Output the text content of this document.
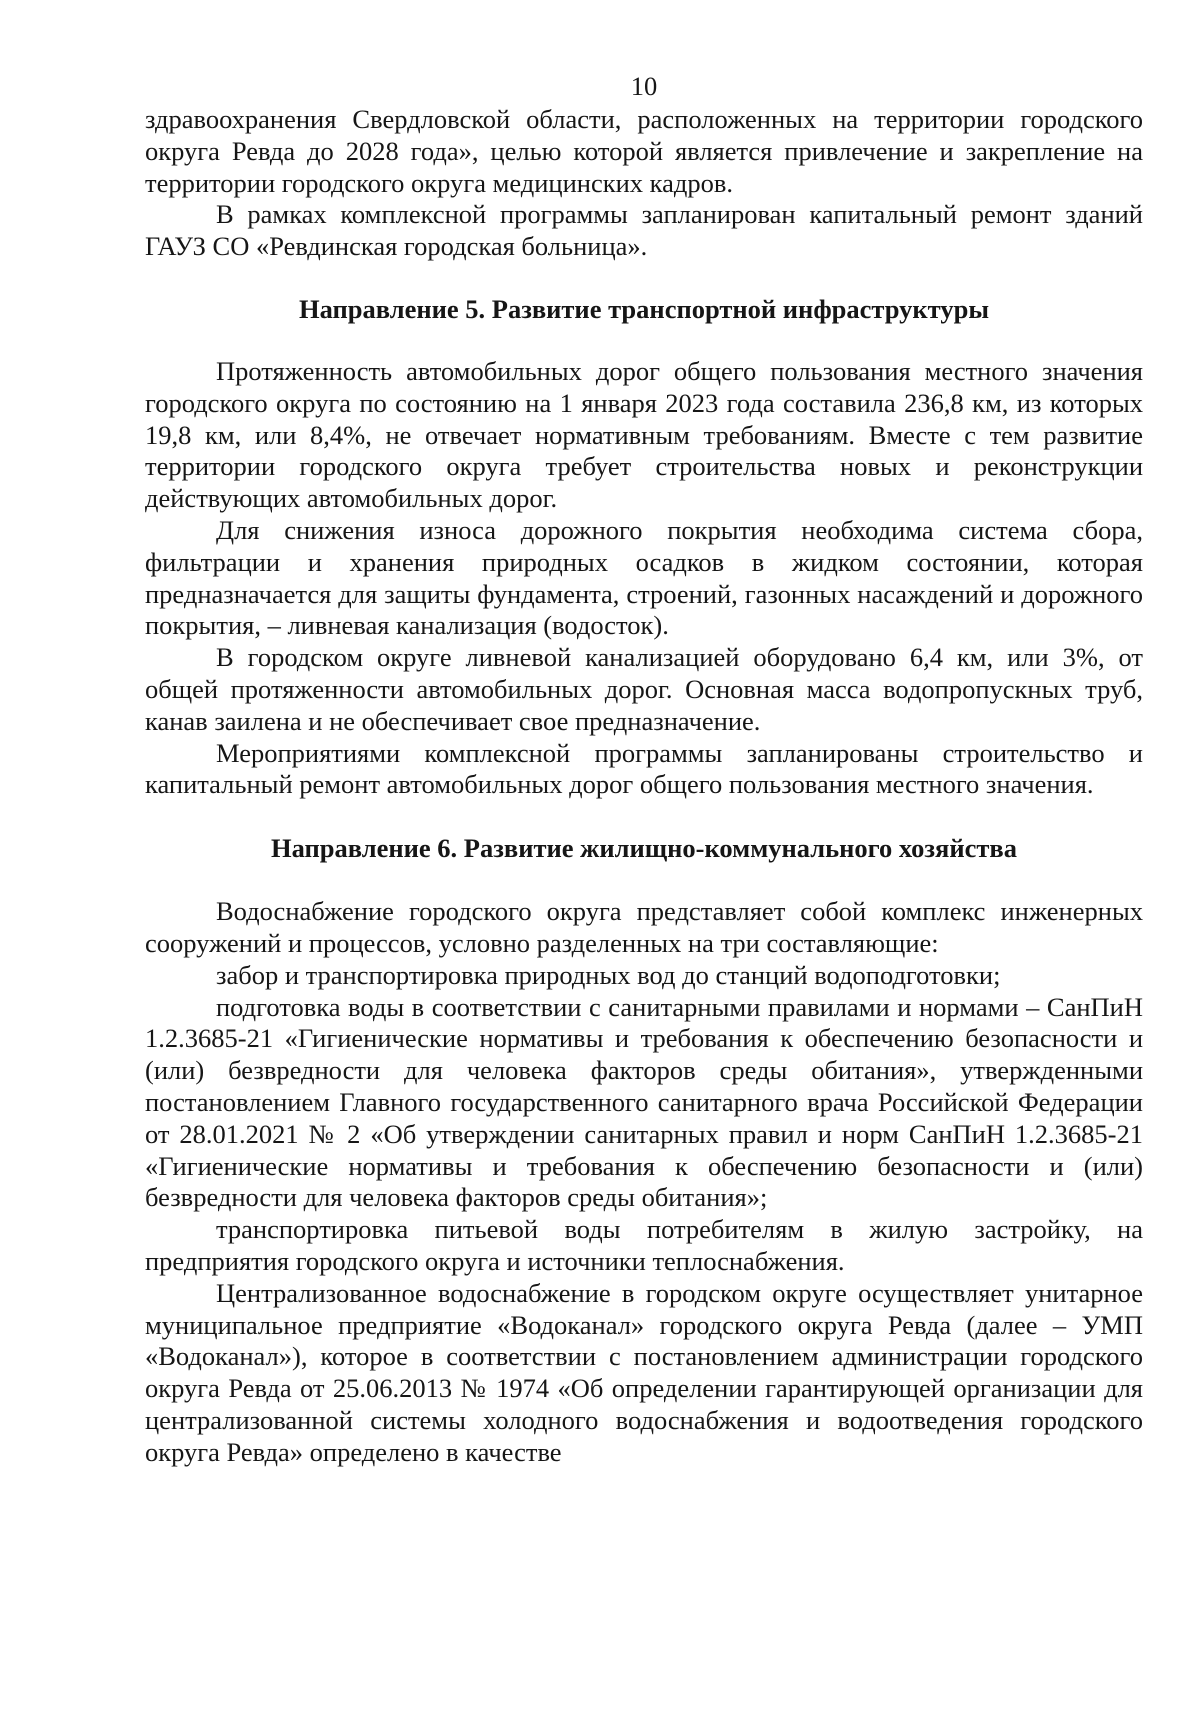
10

здравоохранения Свердловской области, расположенных на территории городского округа Ревда до 2028 года», целью которой является привлечение и закрепление на территории городского округа медицинских кадров.

В рамках комплексной программы запланирован капитальный ремонт зданий ГАУЗ СО «Ревдинская городская больница».

Направление 5. Развитие транспортной инфраструктуры

Протяженность автомобильных дорог общего пользования местного значения городского округа по состоянию на 1 января 2023 года составила 236,8 км, из которых 19,8 км, или 8,4%, не отвечает нормативным требованиям. Вместе с тем развитие территории городского округа требует строительства новых и реконструкции действующих автомобильных дорог.

Для снижения износа дорожного покрытия необходима система сбора, фильтрации и хранения природных осадков в жидком состоянии, которая предназначается для защиты фундамента, строений, газонных насаждений и дорожного покрытия, – ливневая канализация (водосток).

В городском округе ливневой канализацией оборудовано 6,4 км, или 3%, от общей протяженности автомобильных дорог. Основная масса водопропускных труб, канав заилена и не обеспечивает свое предназначение.

Мероприятиями комплексной программы запланированы строительство и капитальный ремонт автомобильных дорог общего пользования местного значения.

Направление 6. Развитие жилищно-коммунального хозяйства

Водоснабжение городского округа представляет собой комплекс инженерных сооружений и процессов, условно разделенных на три составляющие:

забор и транспортировка природных вод до станций водоподготовки;

подготовка воды в соответствии с санитарными правилами и нормами – СанПиН 1.2.3685-21 «Гигиенические нормативы и требования к обеспечению безопасности и (или) безвредности для человека факторов среды обитания», утвержденными постановлением Главного государственного санитарного врача Российской Федерации от 28.01.2021 № 2 «Об утверждении санитарных правил и норм СанПиН 1.2.3685-21 «Гигиенические нормативы и требования к обеспечению безопасности и (или) безвредности для человека факторов среды обитания»;

транспортировка питьевой воды потребителям в жилую застройку, на предприятия городского округа и источники теплоснабжения.

Централизованное водоснабжение в городском округе осуществляет унитарное муниципальное предприятие «Водоканал» городского округа Ревда (далее – УМП «Водоканал»), которое в соответствии с постановлением администрации городского округа Ревда от 25.06.2013 № 1974 «Об определении гарантирующей организации для централизованной системы холодного водоснабжения и водоотведения городского округа Ревда» определено в качестве
